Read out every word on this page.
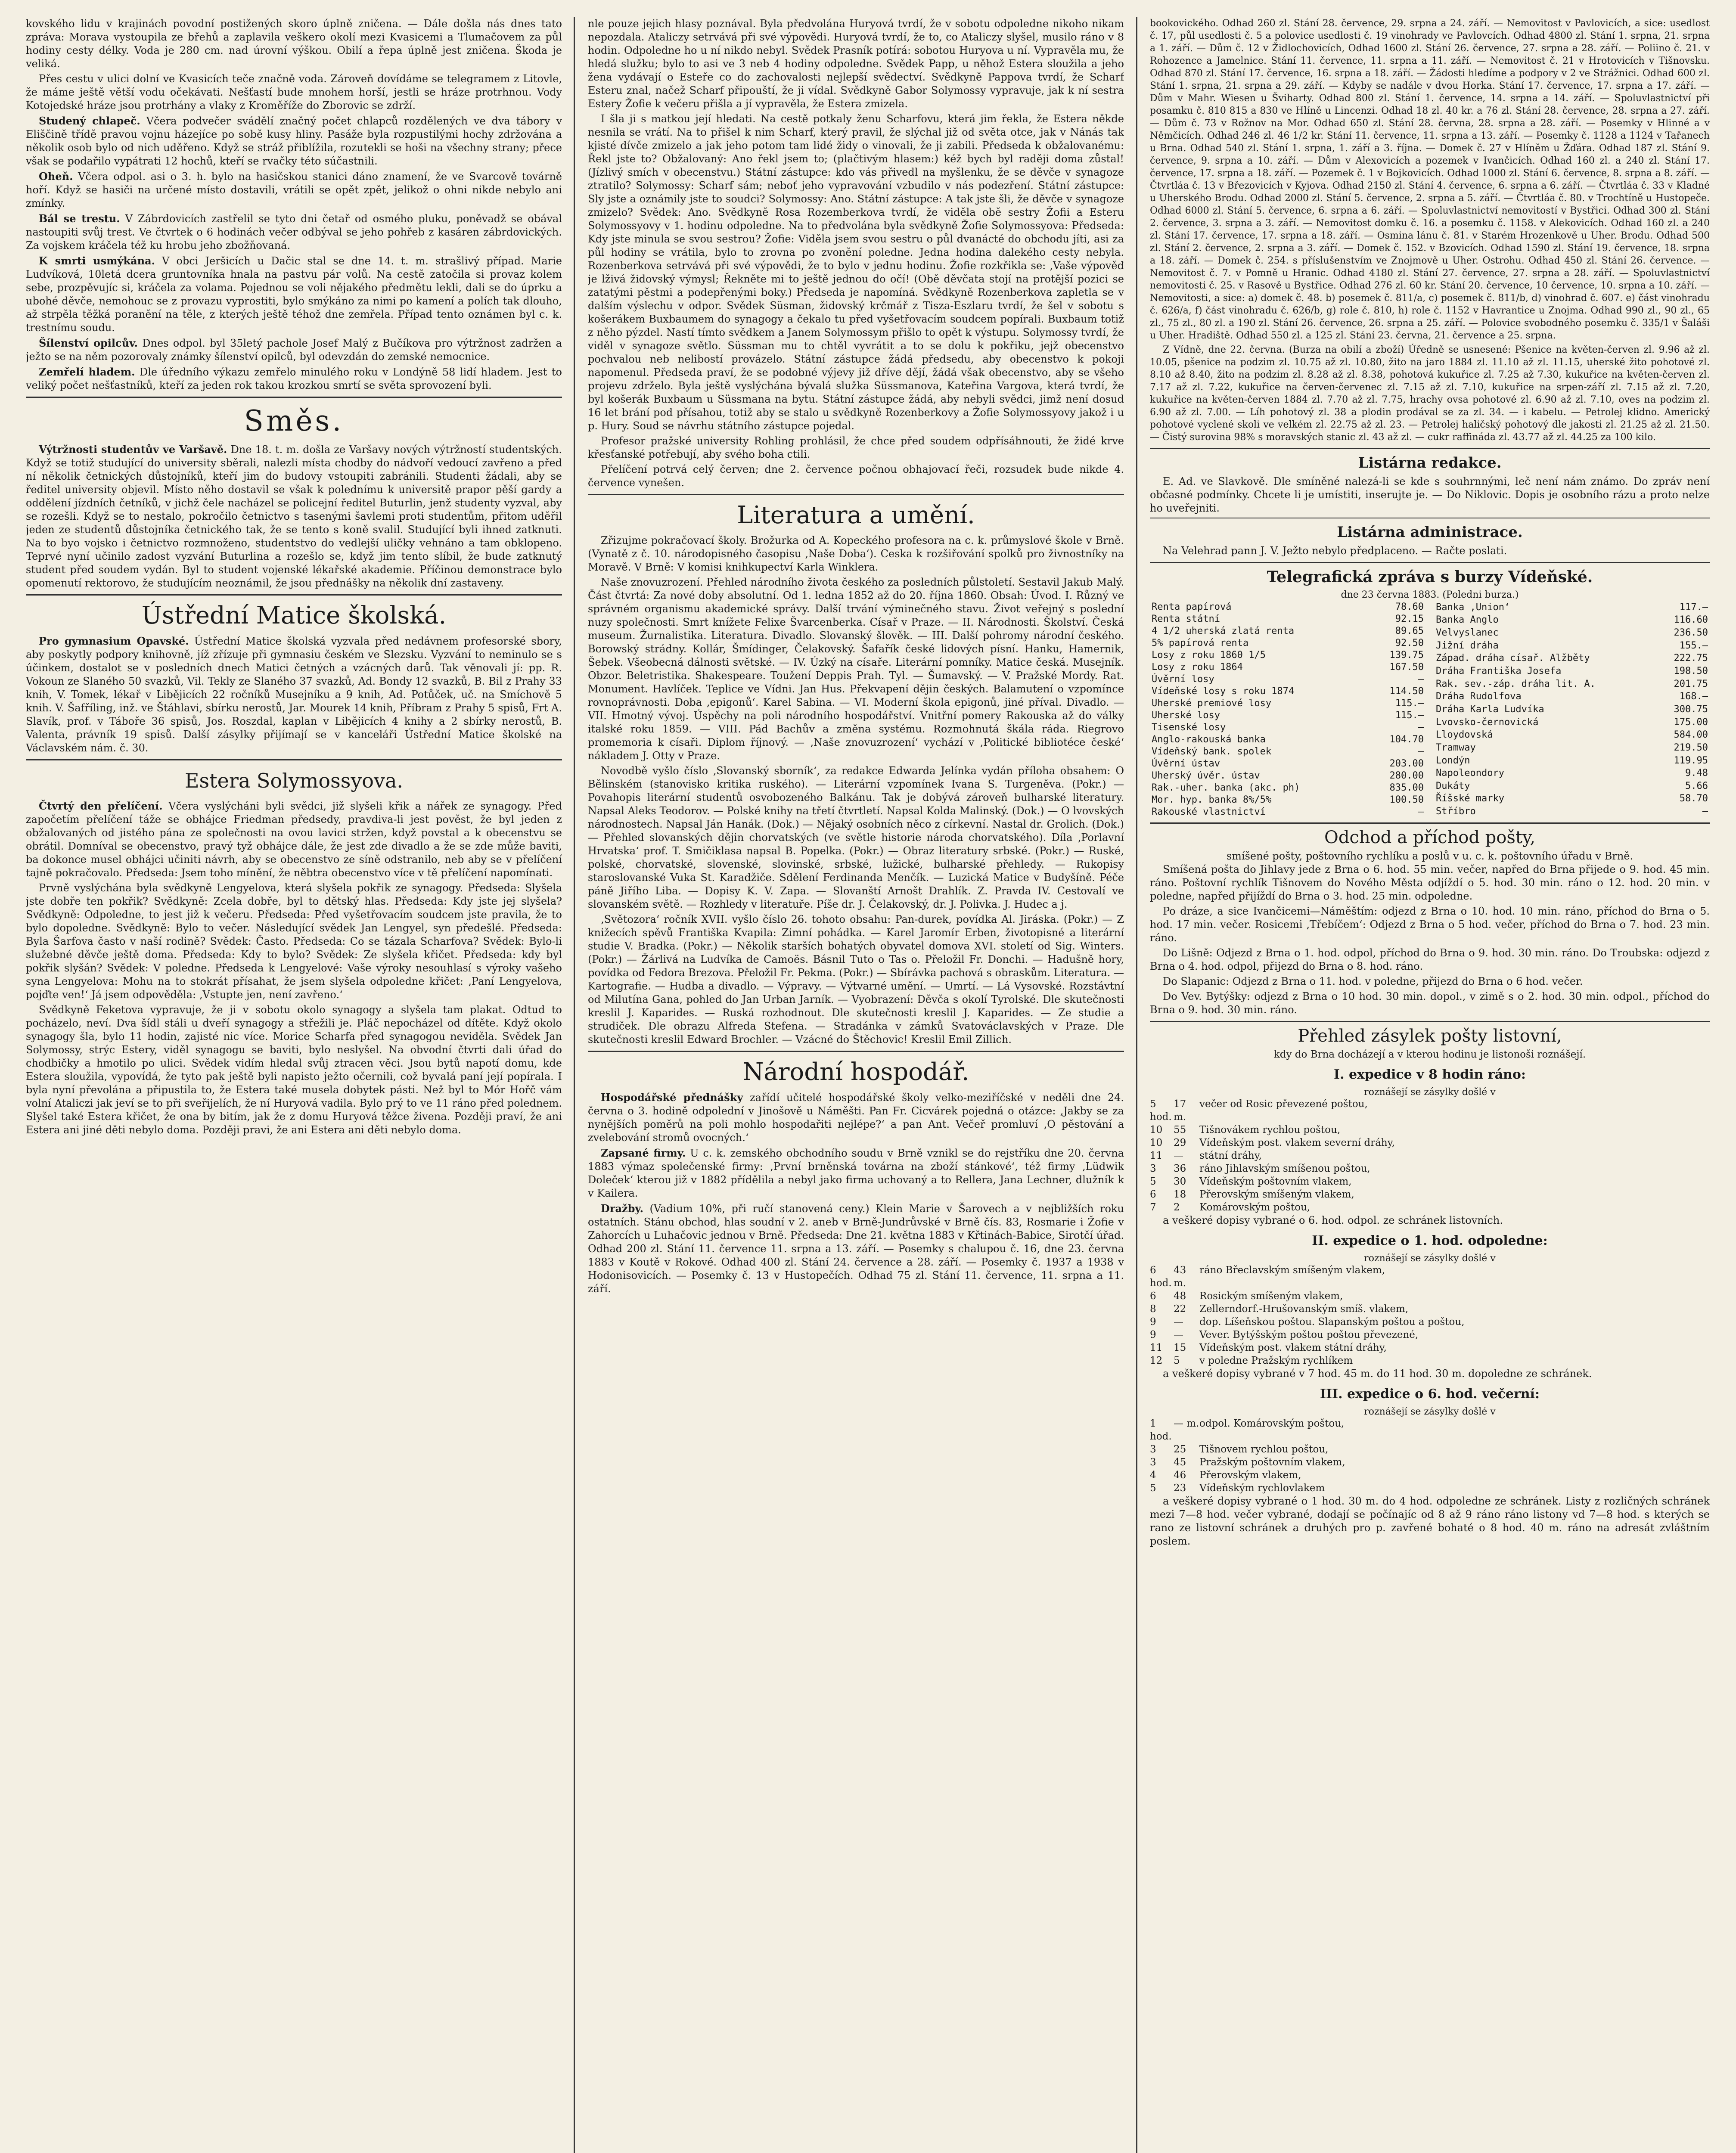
kovského lidu v krajinách povodní postižených skoro úplně zničena. — Dále došla nás dnes tato zpráva: Morava vystoupila ze břehů a zaplavila veškero okolí mezi Kvasicemi a Tlumačovem za půl hodiny cesty délky. Voda je 280 cm. nad úrovní výškou. Obilí a řepa úplně jest zničena. Škoda je veliká.

Přes cestu v ulici dolní ve Kvasicích teče značně voda. Zároveň dovídáme se telegramem z Litovle, že máme ještě větší vodu očekávati. Nešťastí bude mnohem horší, jestli se hráze protrhnou. Vody Kotojedské hráze jsou protrhány a vlaky z Kroměříže do Zborovic se zdrží.

Studený chlapeč. Včera podvečer svádělí značný počet chlapců rozdělených ve dva tábory v Eliščině třídě pravou vojnu házejíce po sobě kusy hliny. Pasáže byla rozpustilými hochy zdržována a několik osob bylo od nich uděřeno. Když se stráž přiblížila, rozutekli se hoši na všechny strany; přece však se podařilo vypátrati 12 hochů, kteří se rvačky této súčastnili.

Oheň. Včera odpol. asi o 3. h. bylo na hasičskou stanici dáno znamení, že ve Svarcově továrně hoří. Když se hasiči na určené místo dostavili, vrátili se opět zpět, jelikož o ohni nikde nebylo ani zmínky.

Bál se trestu. V Zábrdovicích zastřelil se tyto dni četař od osmého pluku, poněvadž se obával nastoupiti svůj trest. Ve čtvrtek o 6 hodinách večer odbýval se jeho pohřeb z kasáren zábrdovických. Za vojskem kráčela též ku hrobu jeho zbožňovaná.

K smrti usmýkána. V obci Jeršicích u Dačic stal se dne 14. t. m. strašlivý případ. Marie Ludvíková, 10letá dcera gruntovníka hnala na pastvu pár volů. Na cestě zatočila si provaz kolem sebe, prozpěvujíc si, kráčela za volama. Pojednou se voli nějakého předmětu lekli, dali se do úprku a ubohé děvče, nemohouc se z provazu vyprostiti, bylo smýkáno za nimi po kamení a polích tak dlouho, až strpěla těžká poranění na těle, z kterých ještě téhož dne zemřela. Případ tento oznámen byl c. k. trestnímu soudu.

Šílenství opilcův. Dnes odpol. byl 35letý pachole Josef Malý z Bučíkova pro výtržnost zadržen a ježto se na něm pozorovaly známky šílenství opilců, byl odevzdán do zemské nemocnice.

Zemřelí hladem. Dle úředního výkazu zemřelo minulého roku v Londýně 58 lidí hladem. Jest to veliký počet nešťastníků, kteří za jeden rok takou krozkou smrtí se světa sprovození byli.

Směs.

Výtržnosti studentův ve Varšavě. Dne 18. t. m. došla ze Varšavy nových výtržností studentských. Když se totiž studující do university sběrali, nalezli místa chodby do nádvoří vedoucí zavřeno a před ní několik četnických důstojníků, kteří jim do budovy vstoupiti zabránili. Studenti žádali, aby se ředitel university objevil. Místo něho dostavil se však k polednímu k universitě prapor pěší gardy a oddělení jízdních četníků, v jichž čele nacházel se policejní ředitel Buturlin, jenž studenty vyzval, aby se rozešli. Když se to nestalo, pokročilo četnictvo s tasenými šavlemi proti studentům, přitom uděřil jeden ze studentů důstojníka četnického tak, že se tento s koně svalil. Studující byli ihned zatknuti. Na to byo vojsko i četnictvo rozmnoženo, studentstvo do vedlejší uličky vehnáno a tam obklopeno. Teprvé nyní učinilo zadost vyzvání Buturlina a rozešlo se, když jim tento slíbil, že bude zatknutý student před soudem vydán. Byl to student vojenské lékařské akademie. Příčinou demonstrace bylo opomenutí rektorovo, že studujícím neoznámil, že jsou přednášky na několik dní zastaveny.

Ústřední Matice školská.

Pro gymnasium Opavské. Ústřední Matice školská vyzvala před nedávnem profesorské sbory, aby poskytly podpory knihovně, jíž zřízuje při gymnasiu českém ve Slezsku. Vyzvání to neminulo se s účinkem, dostalot se v posledních dnech Matici četných a vzácných darů. Tak věnovali jí: pp. R. Vokoun ze Slaného 50 svazků, Vil. Tekly ze Slaného 37 svazků, Ad. Bondy 12 svazků, B. Bil z Prahy 33 knih, V. Tomek, lékař v Libějicích 22 ročníků Musejníku a 9 knih, Ad. Potůček, uč. na Smíchově 5 knih. V. Šafříling, inž. ve Štáhlavi, sbírku nerostů, Jar. Mourek 14 knih, Příbram z Prahy 5 spisů, Frt A. Slavík, prof. v Táboře 36 spisů, Jos. Roszdal, kaplan v Libějicích 4 knihy a 2 sbírky nerostů, B. Valenta, právník 19 spisů. Další zásylky přijímají se v kanceláři Ústřední Matice školské na Václavském nám. č. 30.

Estera Solymossyova.

Čtvrtý den přelíčení. Včera vyslýcháni byli svědci, již slyšeli křik a nářek ze synagogy. Před započetím přelíčení táže se obhájce Friedman předsedy, pravdiva-li jest pověst, že byl jeden z obžalovaných od jistého pána ze společnosti na ovou lavici stržen, když povstal a k obecenstvu se obrátil. Domníval se obecenstvo, pravý tyž obhájce dále, že jest zde divadlo a že se zde může baviti, ba dokonce musel obhájci učiniti návrh, aby se obecenstvo ze síně odstranilo, neb aby se v přelíčení tajně pokračovalo. Předseda: Jsem toho mínění, že něbtra obecenstvo více v tě přelíčení napomínati.

Prvně vyslýchána byla svědkyně Lengyelova, která slyšela pokřik ze synagogy. Předseda: Slyšela jste dobře ten pokřik? Svědkyně: Zcela dobře, byl to dětský hlas. Předseda: Kdy jste jej slyšela? Svědkyně: Odpoledne, to jest již k večeru. Předseda: Před vyšetřovacím soudcem jste pravila, že to bylo dopoledne. Svědkyně: Bylo to večer. Následující svědek Jan Lengyel, syn předešlé. Předseda: Byla Šarfova často v naší rodině? Svědek: Často. Předseda: Co se tázala Scharfova? Svědek: Bylo-li služebné děvče ještě doma. Předseda: Kdy to bylo? Svědek: Ze slyšela křičet. Předseda: kdy byl pokřik slyšán? Svědek: V poledne. Předseda k Lengyelové: Vaše výroky nesouhlasí s výroky vašeho syna Lengyelova: Mohu na to stokrát přísahat, že jsem slyšela odpoledne křičet: ‚Paní Lengyelova, pojďte ven!‘ Já jsem odpověděla: ‚Vstupte jen, není zavřeno.‘

Svědkyně Feketova vypravuje, že ji v sobotu okolo synagogy a slyšela tam plakat. Odtud to pocházelo, neví. Dva šídl stáli u dveří synagogy a střežili je. Pláč nepocházel od dítěte. Když okolo synagogy šla, bylo 11 hodin, zajisté nic více. Morice Scharfa před synagogou neviděla. Svědek Jan Solymossy, strýc Estery, viděl synagogu se baviti, bylo neslyšel. Na obvodní čtvrti dali úřad do chodbičky a hmotilo po ulici. Svědek vidím hledal svůj ztracen věci. Jsou bytů napotí domu, kde Estera sloužila, vypovídá, že tyto pak ještě byli napisto ježto očernili, což byvalá paní její popírala. I byla nyní převolána a připustila to, že Estera také musela dobytek pásti. Než byl to Mór Hořč vám volní Ataliczi jak jeví se to při sveřijelích, že ní Huryová vadila. Bylo prý to ve 11 ráno před polednem. Slyšel také Estera křičet, že ona by bitím, jak že z domu Huryová těžce živena. Později praví, že ani Estera ani jiné děti nebylo doma. Později pravi, že ani Estera ani děti nebylo doma.

nle pouze jejich hlasy poznával. Byla předvolána Huryová tvrdí, že v sobotu odpoledne nikoho nikam nepozdala. Ataliczy setrvává při své výpovědi. Huryová tvrdí, že to, co Ataliczy slyšel, musilo ráno v 8 hodin. Odpoledne ho u ní nikdo nebyl. Svědek Prasník potírá: sobotou Huryova u ní. Vypravěla mu, že hledá služku; bylo to asi ve 3 neb 4 hodiny odpoledne. Svědek Papp, u něhož Estera sloužila a jeho žena vydávají o Esteře co do zachovalosti nejlepší svědectví. Svědkyně Pappova tvrdí, že Scharf Esteru znal, načež Scharf připouští, že ji vídal. Svědkyně Gabor Solymossy vypravuje, jak k ní sestra Estery Žofie k večeru přišla a jí vypravěla, že Estera zmizela.

I šla ji s matkou její hledati. Na cestě potkaly ženu Scharfovu, která jim řekla, že Estera někde nesnila se vrátí. Na to přišel k nim Scharf, který pravil, že slýchal již od světa otce, jak v Nánás tak kjisté dívče zmizelo a jak jeho potom tam lidé židy o vinovali, že ji zabili. Předseda k obžalovanému: Řekl jste to? Obžalovaný: Ano řekl jsem to; (plačtivým hlasem:) kéž bych byl raději doma zůstal! (Jízlivý smích v obecenstvu.) Státní zástupce: kdo vás přivedl na myšlenku, že se děvče v synagoze ztratilo? Solymossy: Scharf sám; neboť jeho vypravování vzbudilo v nás podezření. Státní zástupce: Sly jste a oznámily jste to soudci? Solymossy: Ano. Státní zástupce: A tak jste šli, že děvče v synagoze zmizelo? Svědek: Ano. Svědkyně Rosa Rozemberkova tvrdí, že viděla obě sestry Žofii a Esteru Solymossyovy v 1. hodinu odpoledne. Na to předvolána byla svědkyně Žofie Solymossyova: Předseda: Kdy jste minula se svou sestrou? Žofie: Viděla jsem svou sestru o půl dvanácté do obchodu jíti, asi za půl hodiny se vrátila, bylo to zrovna po zvonění poledne. Jedna hodina dalekého cesty nebyla. Rozenberkova setrvává při své výpovědi, že to bylo v jednu hodinu. Žofie rozkřikla se: ‚Vaše výpověď je lživá židovský výmysl; Řekněte mi to ještě jednou do očí! (Obě děvčata stojí na protější pozici se zatatými pěstmi a podepřenými boky.) Předseda je napomíná. Svědkyně Rozenberkova zapletla se v dalším výslechu v odpor. Svědek Süsman, židovský krčmář z Tisza-Eszlaru tvrdí, že šel v sobotu s košerákem Buxbaumem do synagogy a čekalo tu před vyšetřovacím soudcem popírali. Buxbaum totiž z něho pýzdel. Nastí tímto svědkem a Janem Solymossym přišlo to opět k výstupu. Solymossy tvrdí, že viděl v synagoze světlo. Süssman mu to chtěl vyvrátit a to se dolu k pokřiku, jejž obecenstvo pochvalou neb nelibostí provázelo. Státní zástupce žádá předsedu, aby obecenstvo k pokoji napomenul. Předseda praví, že se podobné výjevy již dříve dějí, žádá však obecenstvo, aby se všeho projevu zdrželo. Byla ještě vyslýchána bývalá služka Süssmanova, Kateřina Vargova, která tvrdí, že byl košerák Buxbaum u Süssmana na bytu. Státní zástupce žádá, aby nebyli svědci, jimž není dosud 16 let brání pod přísahou, totiž aby se stalo u svědkyně Rozenberkovy a Žofie Solymossyovy jakož i u p. Hury. Soud se návrhu státního zástupce pojedal.

Profesor pražské university Rohling prohlásil, že chce před soudem odpřísáhnouti, že židé krve křesťanské potřebují, aby svého boha ctili.

Přelíčení potrvá celý červen; dne 2. července počnou obhajovací řeči, rozsudek bude nikde 4. července vynešen.

Literatura a umění.

Zřizujme pokračovací školy. Brožurka od A. Kopeckého profesora na c. k. průmyslové škole v Brně. (Vynatě z č. 10. národopisného časopisu ‚Naše Doba‘). Ceska k rozšiřování spolků pro živnostníky na Moravě. V Brně: V komisi knihkupectví Karla Winklera.

Naše znovuzrození. Přehled národního života českého za posledních půlstoletí. Sestavil Jakub Malý. Část čtvrtá: Za nové doby absolutní. Od 1. ledna 1852 až do 20. října 1860. Obsah: Úvod. I. Různý ve správném organismu akademické správy. Další trvání výminečného stavu. Život veřejný s poslední nuzy společnosti. Smrt knížete Felixe Švarcenberka. Císař v Praze. — II. Národnosti. Školství. Česká museum. Žurnalistika. Literatura. Divadlo. Slovanský šlověk. — III. Další pohromy národní českého. Borowský strádny. Kollár, Šmídinger, Čelakovský. Šafařík české lidových písní. Hanku, Hamernik, Šebek. Všeobecná dálnosti světské. — IV. Úzký na císaře. Literární pomníky. Matice česká. Musejník. Obzor. Beletristika. Shakespeare. Toužení Deppis Prah. Tyl. — Šumavský. — V. Pražské Mordy. Rat. Monument. Havlíček. Teplice ve Vídni. Jan Hus. Překvapení dějin českých. Balamutení o vzpomínce rovnoprávnosti. Doba ‚epigonů‘. Karel Sabina. — VI. Moderní škola epigonů, jiné příval. Divadlo. — VII. Hmotný vývoj. Úspěchy na poli národního hospodářství. Vnitřní pomery Rakouska až do války italské roku 1859. — VIII. Pád Bachův a změna systému. Rozmohnutá škála ráda. Riegrovo promemoria k císaři. Diplom říjnový. — ‚Naše znovuzrození‘ vychází v ‚Politické bibliotéce české‘ nákladem J. Otty v Praze.

Novodbě vyšlo číslo ‚Slovanský sborník‘, za redakce Edwarda Jelínka vydán příloha obsahem: O Bělinském (stanovisko kritika ruského). — Literární vzpomínek Ivana S. Turgeněva. (Pokr.) — Povahopis literární studentů osvobozeného Balkánu. Tak je dobývá zároveň bulharské literatury. Napsal Aleks Teodorov. — Polské knihy na třetí čtvrtletí. Napsal Kolda Malinský. (Dok.) — O lvovských národnostech. Napsal Ján Hanák. (Dok.) — Nějaký osobních něco z církevní. Nastal dr. Grolich. (Dok.) — Přehled slovanských dějin chorvatských (ve světle historie národa chorvatského). Díla ‚Porlavní Hrvatska‘ prof. T. Smičiklasa napsal B. Popelka. (Pokr.) — Obraz literatury srbské. (Pokr.) — Ruské, polské, chorvatské, slovenské, slovinské, srbské, lužické, bulharské přehledy. — Rukopisy staroslovanské Vuka St. Karadžiče. Sdělení Ferdinanda Menčík. — Luzická Matice v Budyšíně. Péče páně Jiřího Liba. — Dopisy K. V. Zapa. — Slovanští Arnošt Drahlík. Z. Pravda IV. Cestovalí ve slovanském světě. — Rozhledy v literatuře. Píše dr. J. Čelakovský, dr. J. Polivka. J. Hudec a j.

‚Světozora‘ ročník XVII. vyšlo číslo 26. tohoto obsahu: Pan-durek, povídka Al. Jiráska. (Pokr.) — Z knižecích spěvů Františka Kvapila: Zimní pohádka. — Karel Jaromír Erben, životopisné a literární studie V. Bradka. (Pokr.) — Několik starších bohatých obyvatel domova XVI. století od Sig. Winters. (Pokr.) — Žárlivá na Ludvíka de Camoës. Básnil Tuto o Tas o. Přeložil Fr. Donchi. — Hadušně hory, povídka od Fedora Brezova. Přeložil Fr. Pekma. (Pokr.) — Sbírávka pachová s obraskům. Literatura. — Kartografie. — Hudba a divadlo. — Výpravy. — Výtvarné umění. — Umrtí. — Lá Vysovské. Rozstávtní od Milutína Gana, pohled do Jan Urban Jarník. — Vyobrazení: Děvča s okolí Tyrolské. Dle skutečnosti kreslil J. Kaparides. — Ruská rozhodnout. Dle skutečnosti kreslil J. Kaparides. — Ze studie a strudiček. Dle obrazu Alfreda Stefena. — Stradánka v zámků Svatováclavských v Praze. Dle skutečnosti kreslil Edward Brochler. — Vzácné do Štěchovic! Kreslil Emil Zillich.

Národní hospodář.

Hospodářské přednášky zařídí učitelé hospodářské školy velko-meziříčské v neděli dne 24. června o 3. hodině odpolední v Jinošově u Náměšti. Pan Fr. Cicvárek pojedná o otázce: ‚Jakby se za nynějších poměrů na poli mohlo hospodařiti nejlépe?‘ a pan Ant. Večeř promluví ‚O pěstování a zvelebování stromů ovocných.‘

Zapsané firmy. U c. k. zemského obchodního soudu v Brně vznikl se do rejstříku dne 20. června 1883 výmaz společenské firmy: ‚První brněnská továrna na zboží stánkové‘, též firmy ‚Lüdwik Doleček‘ kterou již v 1882 přídělila a nebyl jako firma uchovaný a to Rellera, Jana Lechner, dlužník k v Kailera.

Dražby. (Vadium 10%, při ručí stanovená ceny.) Klein Marie v Šarovech a v nejbližších roku ostatních. Stánu obchod, hlas soudní v 2. aneb v Brně-Jundrůvské v Brně čís. 83, Rosmarie i Žofie v Zahorcích u Luhačovic jednou v Brně. Předseda: Dne 21. května 1883 v Křtinách-Babice, Sirotčí úřad. Odhad 200 zl. Stání 11. července 11. srpna a 13. září. — Posemky s chalupou č. 16, dne 23. června 1883 v Koutě v Rokové. Odhad 400 zl. Stání 24. července a 28. září. — Posemky č. 1937 a 1938 v Hodonisovicích. — Posemky č. 13 v Hustopečích. Odhad 75 zl. Stání 11. července, 11. srpna a 11. září.

bookovického. Odhad 260 zl. Stání 28. července, 29. srpna a 24. září. — Nemovitost v Pavlovicích, a sice: usedlost č. 17, půl usedlosti č. 5 a polovice usedlosti č. 19 vinohrady ve Pavlovcích. Odhad 4800 zl. Stání 1. srpna, 21. srpna a 1. září. — Dům č. 12 v Židlochovicích, Odhad 1600 zl. Stání 26. července, 27. srpna a 28. září. — Poliino č. 21. v Rohozence a Jamelnice. Stání 11. července, 11. srpna a 11. září. — Nemovitost č. 21 v Hrotovicích v Tišnovsku. Odhad 870 zl. Stání 17. července, 16. srpna a 18. září. — Žádosti hledíme a podpory v 2 ve Strážnici. Odhad 600 zl. Stání 1. srpna, 21. srpna a 29. září. — Kdyby se nadále v dvou Horka. Stání 17. července, 17. srpna a 17. září. — Dům v Mahr. Wiesen u Šviharty. Odhad 800 zl. Stání 1. července, 14. srpna a 14. září. — Spoluvlastnictví při posamku č. 810 815 a 830 ve Hlíně u Lincenzi. Odhad 18 zl. 40 kr. a 76 zl. Stání 28. července, 28. srpna a 27. září. — Dům č. 73 v Rožnov na Mor. Odhad 650 zl. Stání 28. června, 28. srpna a 28. září. — Posemky v Hlinné a v Němčicích. Odhad 246 zl. 46 1/2 kr. Stání 11. července, 11. srpna a 13. září. — Posemky č. 1128 a 1124 v Tařanech u Brna. Odhad 540 zl. Stání 1. srpna, 1. září a 3. října. — Domek č. 27 v Hlíněm u Žďára. Odhad 187 zl. Stání 9. července, 9. srpna a 10. září. — Dům v Alexovicích a pozemek v Ivančicích. Odhad 160 zl. a 240 zl. Stání 17. července, 17. srpna a 18. září. — Pozemek č. 1 v Bojkovicích. Odhad 1000 zl. Stání 6. července, 8. srpna a 8. září. — Čtvrtláa č. 13 v Březovicích v Kyjova. Odhad 2150 zl. Stání 4. července, 6. srpna a 6. září. — Čtvrtláa č. 33 v Kladné u Uherského Brodu. Odhad 2000 zl. Stání 5. července, 2. srpna a 5. září. — Čtvrtláa č. 80. v Trochtíně u Hustopeče. Odhad 6000 zl. Stání 5. července, 6. srpna a 6. září. — Spoluvlastnictví nemovitostí v Bystřici. Odhad 300 zl. Stání 2. července, 3. srpna a 3. září. — Nemovitost domku č. 16. a posemku č. 1158. v Alekovicích. Odhad 160 zl. a 240 zl. Stání 17. července, 17. srpna a 18. září. — Osmina lánu č. 81. v Starém Hrozenkově u Uher. Brodu. Odhad 500 zl. Stání 2. července, 2. srpna a 3. září. — Domek č. 152. v Bzovicích. Odhad 1590 zl. Stání 19. července, 18. srpna a 18. září. — Domek č. 254. s příslušenstvím ve Znojmově u Uher. Ostrohu. Odhad 450 zl. Stání 26. července. — Nemovitost č. 7. v Pomně u Hranic. Odhad 4180 zl. Stání 27. července, 27. srpna a 28. září. — Spoluvlastnictví nemovitosti č. 25. v Rasově u Bystřice. Odhad 276 zl. 60 kr. Stání 20. července, 10 července, 10. srpna a 10. září. — Nemovitosti, a sice: a) domek č. 48. b) posemek č. 811/a, c) posemek č. 811/b, d) vinohrad č. 607. e) část vinohradu č. 626/a, f) část vinohradu č. 626/b, g) role č. 810, h) role č. 1152 v Havrantice u Znojma. Odhad 990 zl., 90 zl., 65 zl., 75 zl., 80 zl. a 190 zl. Stání 26. července, 26. srpna a 25. září. — Polovice svobodného posemku č. 335/1 v Šaláši u Uher. Hradiště. Odhad 550 zl. a 125 zl. Stání 23. června, 21. července a 25. srpna.

Z Vídně, dne 22. června. (Burza na obilí a zboží) Úředně se usnesené: Pšenice na květen-červen zl. 9.96 až zl. 10.05, pšenice na podzim zl. 10.75 až zl. 10.80, žito na jaro 1884 zl. 11.10 až zl. 11.15, uherské žito pohotové zl. 8.10 až 8.40, žito na podzim zl. 8.28 až zl. 8.38, pohotová kukuřice zl. 7.25 až 7.30, kukuřice na květen-červen zl. 7.17 až zl. 7.22, kukuřice na červen-červenec zl. 7.15 až zl. 7.10, kukuřice na srpen-září zl. 7.15 až zl. 7.20, kukuřice na květen-červen 1884 zl. 7.70 až zl. 7.75, hrachy ovsa pohotové zl. 6.90 až zl. 7.10, oves na podzim zl. 6.90 až zl. 7.00. — Líh pohotový zl. 38 a plodin prodával se za zl. 34. — i kabelu. — Petrolej klidno. Americký pohotové vyclené skoli ve velkém zl. 22.75 až zl. 23. — Petrolej haličský pohotový dle jakosti zl. 21.25 až zl. 21.50. — Čistý surovina 98% s moravských stanic zl. 43 až zl. — cukr raffináda zl. 43.77 až zl. 44.25 za 100 kilo.

Listárna redakce.

E. Ad. ve Slavkově. Dle smíněné nalezá-li se kde s souhrnnými, leč není nám známo. Do zpráv není občasné podmínky. Chcete li je umístiti, inserujte je. — Do Niklovic. Dopis je osobního rázu a proto nelze ho uveřejniti.

Listárna administrace.

Na Velehrad pann J. V. Ježto nebylo předplaceno. — Račte poslati.

Telegrafická zpráva s burzy Vídeňské.
dne 23 června 1883. (Poledni burza.)
Renta papírová	78.60
Renta státní	92.15
4 1/2 uherská zlatá renta	89.65
5% papírová renta	92.50
Losy z roku 1860 1/5	139.75
Losy z roku 1864	167.50
Úvěrní losy	—
Vídeňské losy s roku 1874	114.50
Uherské premiové losy	115.—
Uherské losy	115.—
Tisenské losy	—
Anglo-rakouská banka	104.70
Vídeňský bank. spolek	—
Úvěrní ústav	203.00
Uherský úvěr. ústav	280.00
Rak.-uher. banka (akc. ph)	835.00
Mor. hyp. banka 8%/5%	100.50
Rakouské vlastnictví	—
Banka ‚Union‘	117.—
Banka Anglo	116.60
Velvyslanec	236.50
Jižní dráha	155.—
Západ. dráha císař. Alžběty	222.75
Dráha Františka Josefa	198.50
Rak. sev.-záp. dráha lit. A.	201.75
Dráha Rudolfova	168.—
Dráha Karla Ludvíka	300.75
Lvovsko-černovická	175.00
Lloydovská	584.00
Tramway	219.50
Londýn	119.95
Napoleondory	9.48
Dukáty	5.66
Říšské marky	58.70
Stříbro	—
Odchod a příchod pošty,
smíšené pošty, poštovního rychlíku a poslů v u. c. k. poštovního úřadu v Brně.

Smíšená pošta do Jihlavy jede z Brna o 6. hod. 55 min. večer, napřed do Brna přijede o 9. hod. 45 min. ráno. Poštovní rychlík Tišnovem do Nového Města odjíždí o 5. hod. 30 min. ráno o 12. hod. 20 min. v poledne, napřed přijíždí do Brna o 3. hod. 25 min. odpoledne.

Po dráze, a sice Ivančicemi—Náměštím: odjezd z Brna o 10. hod. 10 min. ráno, příchod do Brna o 5. hod. 17 min. večer. Rosicemi ‚Třebíčem‘: Odjezd z Brna o 5 hod. večer, příchod do Brna o 7. hod. 23 min. ráno.

Do Lišně: Odjezd z Brna o 1. hod. odpol, příchod do Brna o 9. hod. 30 min. ráno. Do Troubska: odjezd z Brna o 4. hod. odpol, přijezd do Brna o 8. hod. ráno.

Do Slapanic: Odjezd z Brna o 11. hod. v poledne, přijezd do Brna o 6 hod. večer.

Do Vev. Bytýšky: odjezd z Brna o 10 hod. 30 min. dopol., v zimě s o 2. hod. 30 min. odpol., příchod do Brna o 9. hod. 30 min. ráno.

Přehled zásylek pošty listovní,
kdy do Brna docházejí a v kterou hodinu je listonoši roznášejí.
I. expedice v 8 hodin ráno:
roznášejí se zásylky došlé v
5 hod.
17 m.
večer od Rosic převezené poštou,
10	55	Tišnovákem rychlou poštou,
10	29	Vídeňským post. vlakem severní dráhy,
11	—	státní dráhy,
3	36	ráno Jihlavským smíšenou poštou,
5	30	Vídeňským poštovním vlakem,
6	18	Přerovským smíšeným vlakem,
7	2	Komárovským poštou,

a veškeré dopisy vybrané o 6. hod. odpol. ze schránek listovních.

II. expedice o 1. hod. odpoledne:
roznášejí se zásylky došlé v
6 hod.
43 m.
ráno Břeclavským smíšeným vlakem,
6	48	Rosickým smíšeným vlakem,
8	22	Zellerndorf.-Hrušovanským smíš. vlakem,
9	—	dop. Líšeňskou poštou. Slapanským poštou a poštou,
9	—	Vever. Bytýšským poštou poštou převezené,
11	15	Vídeňským post. vlakem státní dráhy,
12	5	v poledne Pražským rychlíkem

a veškeré dopisy vybrané v 7 hod. 45 m. do 11 hod. 30 m. dopoledne ze schránek.

III. expedice o 6. hod. večerní:
roznášejí se zásylky došlé v
1 hod.
— m. odpol. Komárovským poštou,
3	25	Tišnovem rychlou poštou,
3	45	Pražským poštovním vlakem,
4	46	Přerovským vlakem,
5	23	Vídeňským rychlovlakem

a veškeré dopisy vybrané o 1 hod. 30 m. do 4 hod. odpoledne ze schránek. Listy z rozličných schránek mezi 7—8 hod. večer vybrané, dodají se počínajíc od 8 až 9 ráno ráno listony vd 7—8 hod. s kterých se rano ze listovní schránek a druhých pro p. zavřené bohaté o 8 hod. 40 m. ráno na adresát zvláštním poslem.
